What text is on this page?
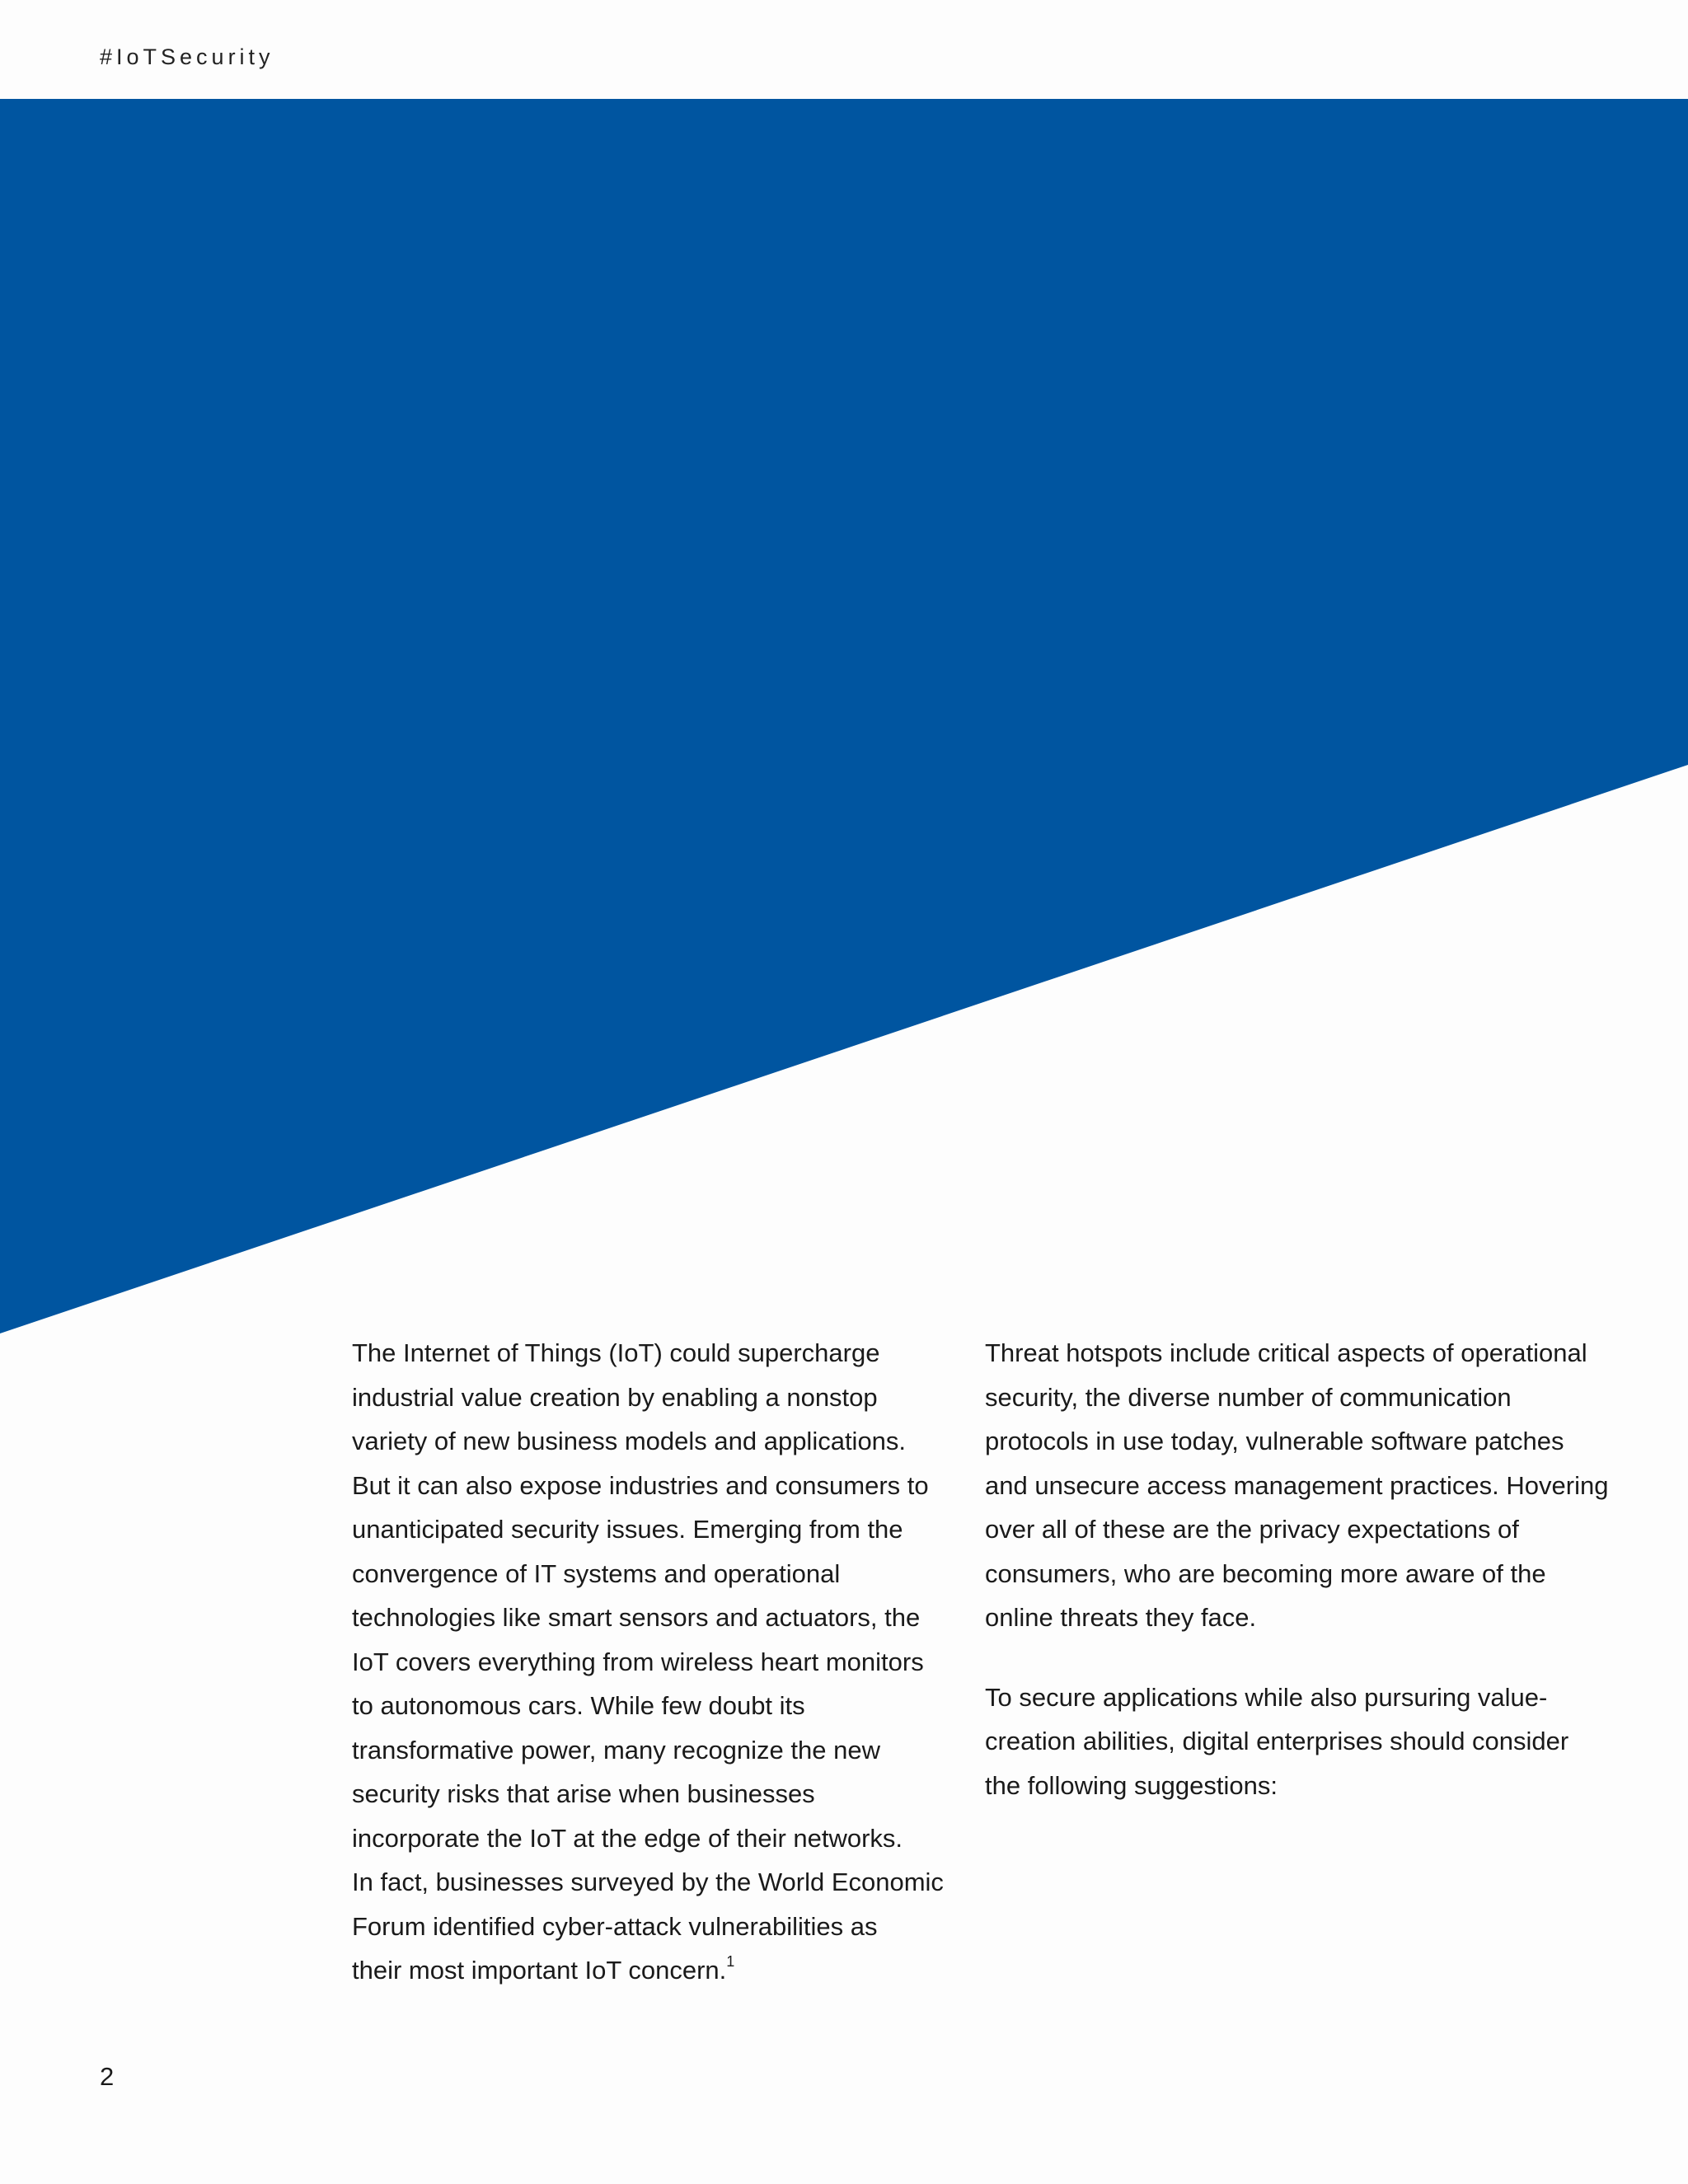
#IoTSecurity

The Internet of Things (IoT) could supercharge
industrial value creation by enabling a nonstop
variety of new business models and applications.
But it can also expose industries and consumers to
unanticipated security issues. Emerging from the
convergence of IT systems and operational
technologies like smart sensors and actuators, the
IoT covers everything from wireless heart monitors
to autonomous cars. While few doubt its
transformative power, many recognize the new
security risks that arise when businesses
incorporate the IoT at the edge of their networks.
In fact, businesses surveyed by the World Economic
Forum identified cyber-attack vulnerabilities as
their most important IoT concern.$^1$

Threat hotspots include critical aspects of operational
security, the diverse number of communication
protocols in use today, vulnerable software patches
and unsecure access management practices. Hovering
over all of these are the privacy expectations of
consumers, who are becoming more aware of the
online threats they face.

To secure applications while also pursuring value-
creation abilities, digital enterprises should consider
the following suggestions:

2
